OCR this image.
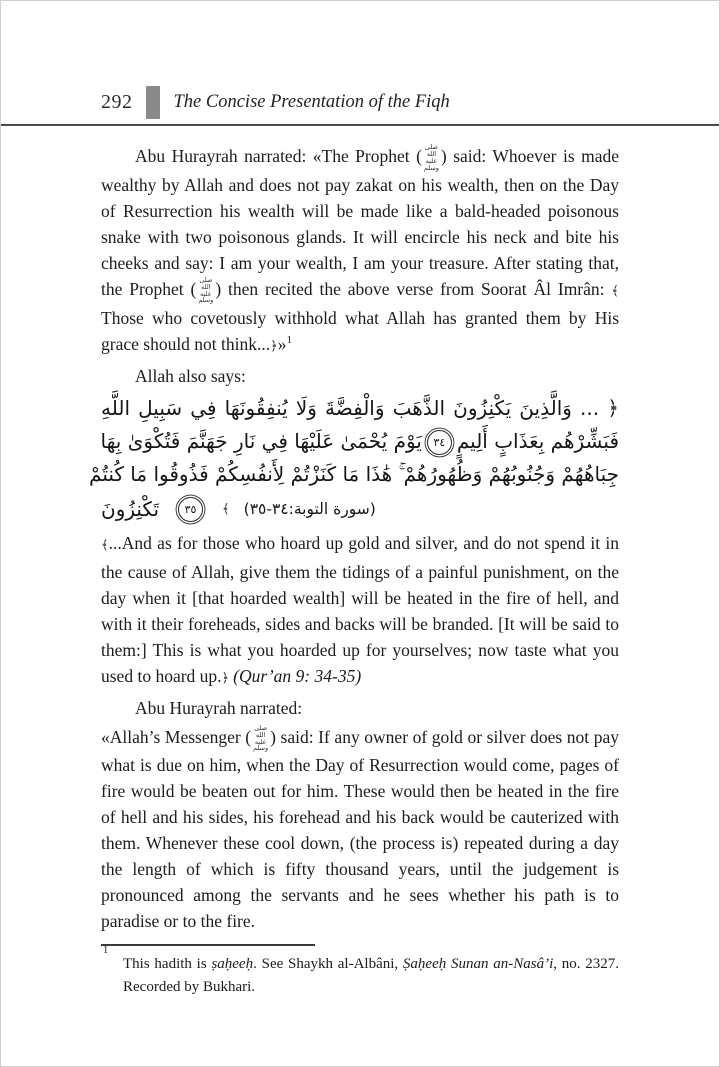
292 The Concise Presentation of the Fiqh

Abu Hurayrah narrated: «The Prophet ( صلى الله عليه وسلم) said: Whoever is made wealthy by Allah and does not pay zakat on his wealth, then on the Day of Resurrection his wealth will be made like a bald-headed poisonous snake with two poisonous glands. It will encircle his neck and bite his cheeks and say: I am your wealth, I am your treasure. After stating that, the Prophet ( صلى الله عليه وسلم) then recited the above verse from Soorat Âl Imrân: ﴾Those who covetously withhold what Allah has granted them by His grace should not think...﴿»$^1$

Allah also says:

﴿ ... وَالَّذِينَ يَكْنِزُونَ الذَّهَبَ وَالْفِضَّةَ وَلَا يُنفِقُونَهَا فِي سَبِيلِ اللَّهِ
فَبَشِّرْهُم بِعَذَابٍ أَلِيمٍ٣٤يَوْمَ يُحْمَىٰ عَلَيْهَا فِي نَارِ جَهَنَّمَ فَتُكْوَىٰ بِهَا
جِبَاهُهُمْ وَجُنُوبُهُمْ وَظُهُورُهُمْ ۚ هَٰذَا مَا كَنَزْتُمْ لِأَنفُسِكُمْ فَذُوقُوا مَا كُنتُمْ
تَكْنِزُونَ	٣٥	﴾ (سورة التوبة:٣٤-٣٥)

﴾...And as for those who hoard up gold and silver, and do not spend it in the cause of Allah, give them the tidings of a painful punishment, on the day when it [that hoarded wealth] will be heated in the fire of hell, and with it their foreheads, sides and backs will be branded. [It will be said to them:] This is what you hoarded up for yourselves; now taste what you used to hoard up.﴿ (Qur’an 9: 34-35)

Abu Hurayrah narrated:

«Allah’s Messenger ( صلى الله عليه وسلم) said: If any owner of gold or silver does not pay what is due on him, when the Day of Resurrection would come, pages of fire would be beaten out for him. These would then be heated in the fire of hell and his sides, his forehead and his back would be cauterized with them. Whenever these cool down, (the process is) repeated during a day the length of which is fifty thousand years, until the judgement is pronounced among the servants and he sees whether his path is to paradise or to the fire.

1
This hadith is ṣaḥeeḥ. See Shaykh al-Albâni, Ṣaḥeeḥ Sunan an-Nasâ’i, no. 2327. Recorded by Bukhari.
